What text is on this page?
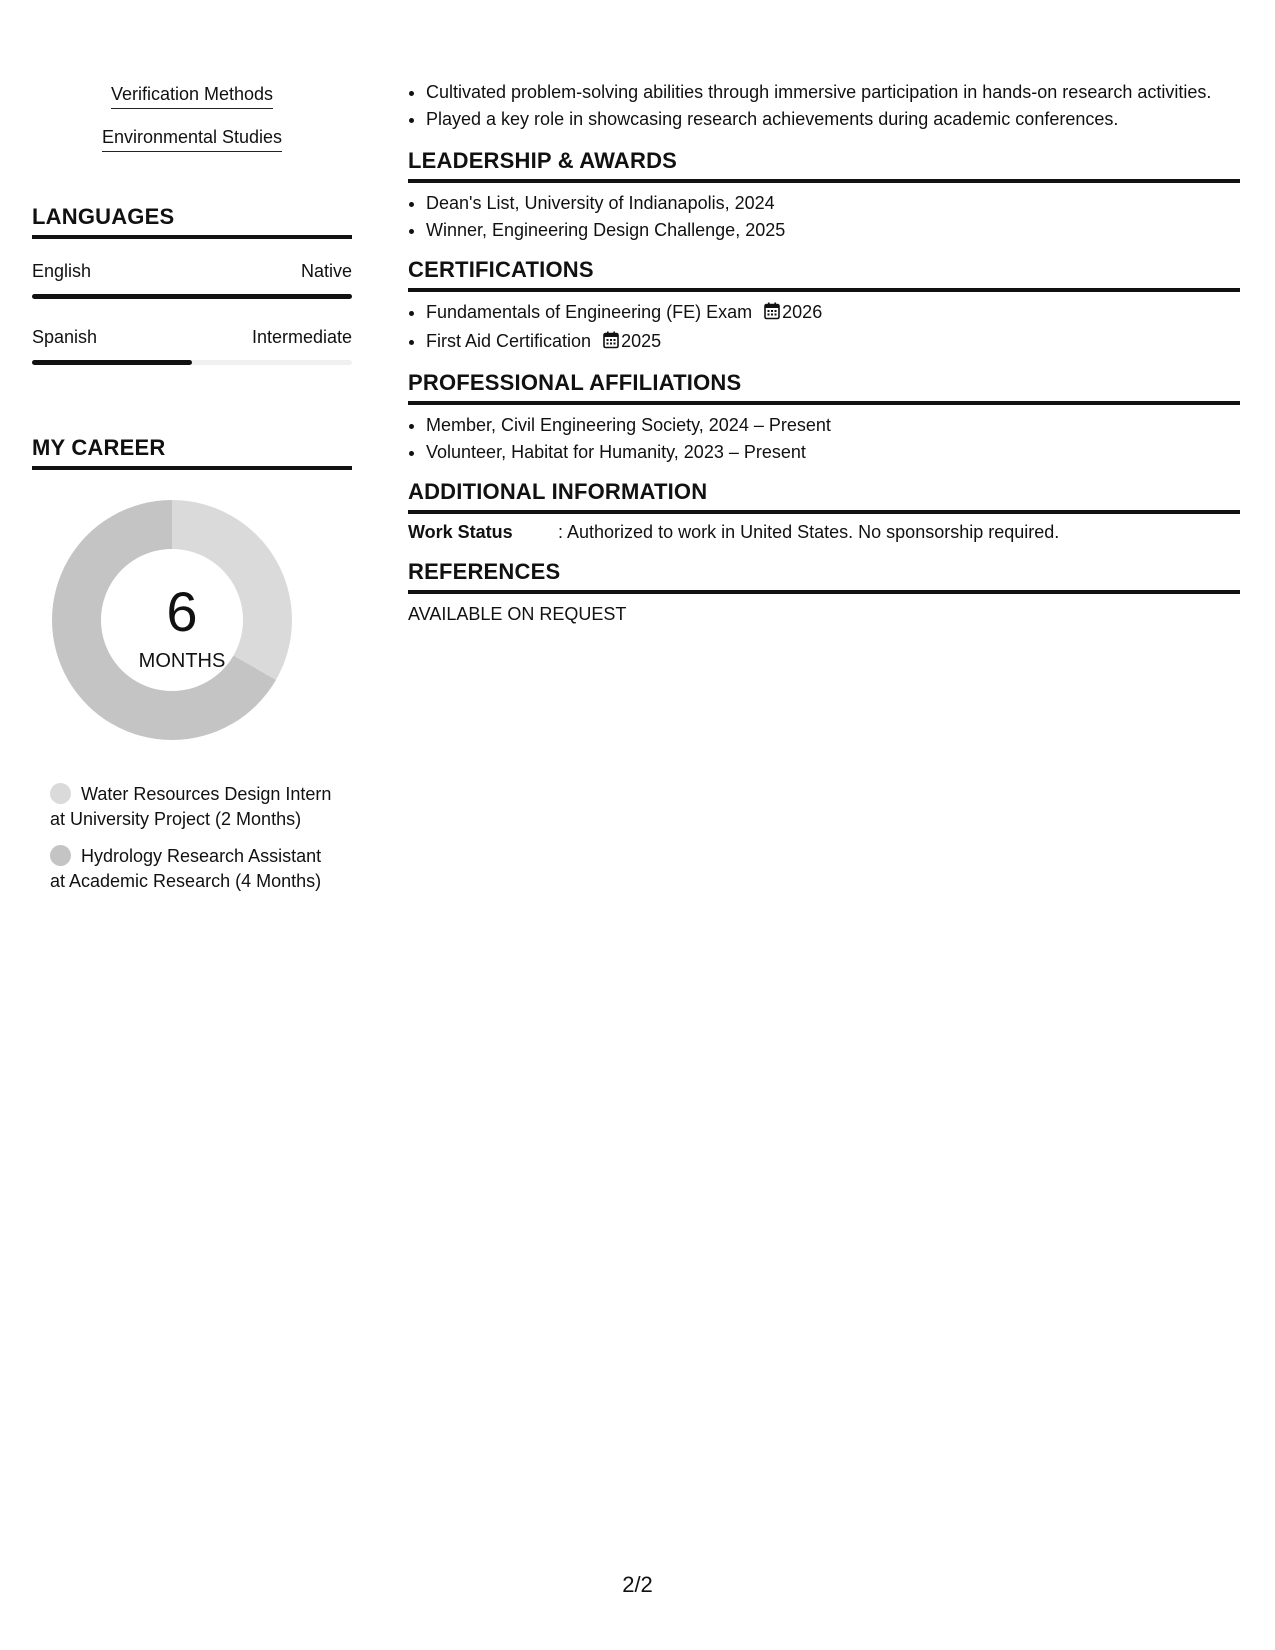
Verification Methods
Environmental Studies
LANGUAGES
English	Native
Spanish	Intermediate
MY CAREER
6
MONTHS
Water Resources Design Intern at University Project (2 Months)
Hydrology Research Assistant at Academic Research (4 Months)
• Cultivated problem-solving abilities through immersive participation in hands-on research activities.
• Played a key role in showcasing research achievements during academic conferences.
LEADERSHIP & AWARDS
• Dean's List, University of Indianapolis, 2024
• Winner, Engineering Design Challenge, 2025
CERTIFICATIONS
• Fundamentals of Engineering (FE) Exam 2026
• First Aid Certification 2025
PROFESSIONAL AFFILIATIONS
• Member, Civil Engineering Society, 2024 – Present
• Volunteer, Habitat for Humanity, 2023 – Present
ADDITIONAL INFORMATION
Work Status	: Authorized to work in United States. No sponsorship required.
REFERENCES
AVAILABLE ON REQUEST
2/2
